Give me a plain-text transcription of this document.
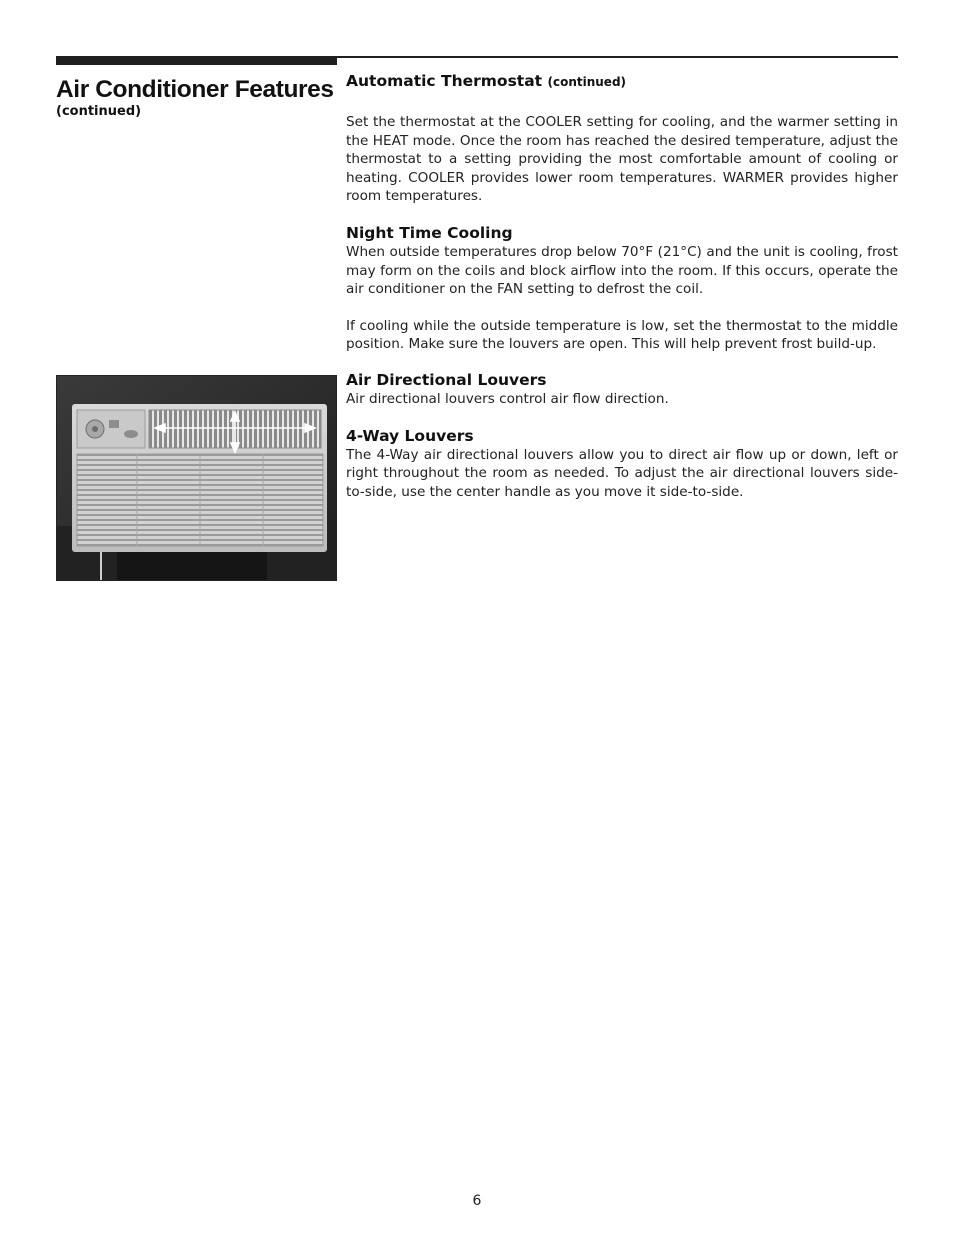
Air Conditioner Features
(continued)
Automatic Thermostat (continued)

Set the thermostat at the COOLER setting for cooling, and the warmer setting in the HEAT mode. Once the room has reached the desired temperature, adjust the thermostat to a setting providing the most comfortable amount of cooling or heating. COOLER provides lower room temperatures. WARMER provides higher room temperatures.

Night Time Cooling

When outside temperatures drop below 70°F (21°C) and the unit is cooling, frost may form on the coils and block airflow into the room. If this occurs, operate the air conditioner on the FAN setting to defrost the coil.

If cooling while the outside temperature is low, set the thermostat to the middle position. Make sure the louvers are open. This will help prevent frost build-up.

Air Directional Louvers

Air directional louvers control air flow direction.

4-Way Louvers

The 4-Way air directional louvers allow you to direct air flow up or down, left or right throughout the room as needed. To adjust the air directional louvers side-to-side, use the center handle as you move it side-to-side.

6
